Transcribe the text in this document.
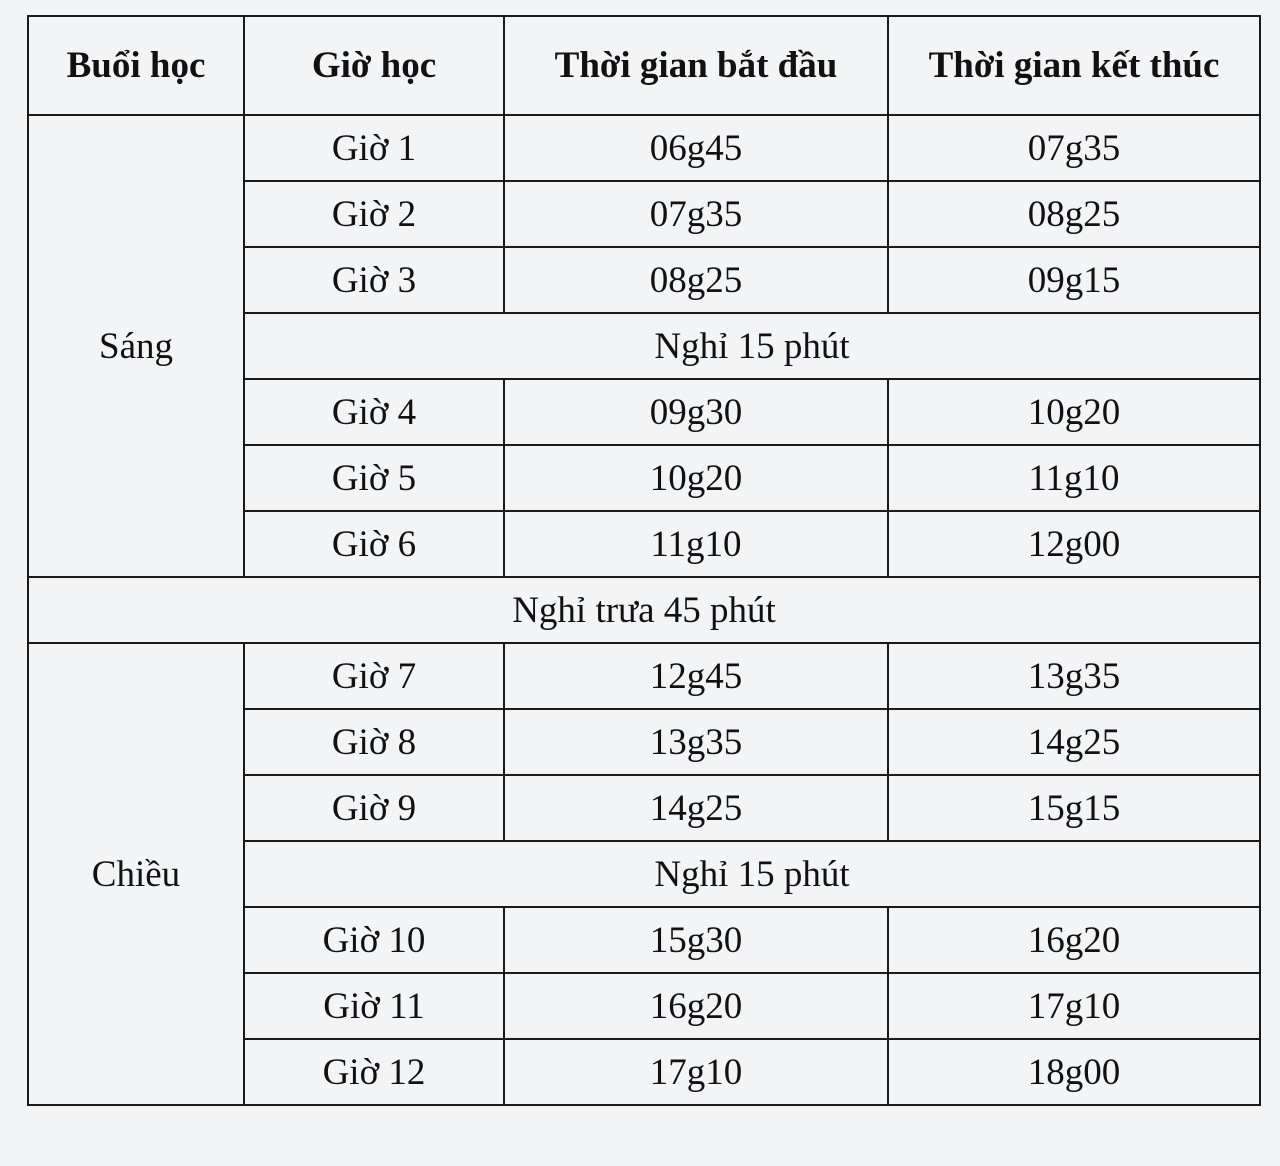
Buổi học	Giờ học	Thời gian bắt đầu	Thời gian kết thúc
Sáng	Giờ 1	06g45	07g35
	Giờ 2	07g35	08g25
	Giờ 3	08g25	09g15
	Nghỉ 15 phút		
	Giờ 4	09g30	10g20
	Giờ 5	10g20	11g10
	Giờ 6	11g10	12g00
Nghỉ trưa 45 phút			
Chiều	Giờ 7	12g45	13g35
	Giờ 8	13g35	14g25
	Giờ 9	14g25	15g15
	Nghỉ 15 phút		
	Giờ 10	15g30	16g20
	Giờ 11	16g20	17g10
	Giờ 12	17g10	18g00
